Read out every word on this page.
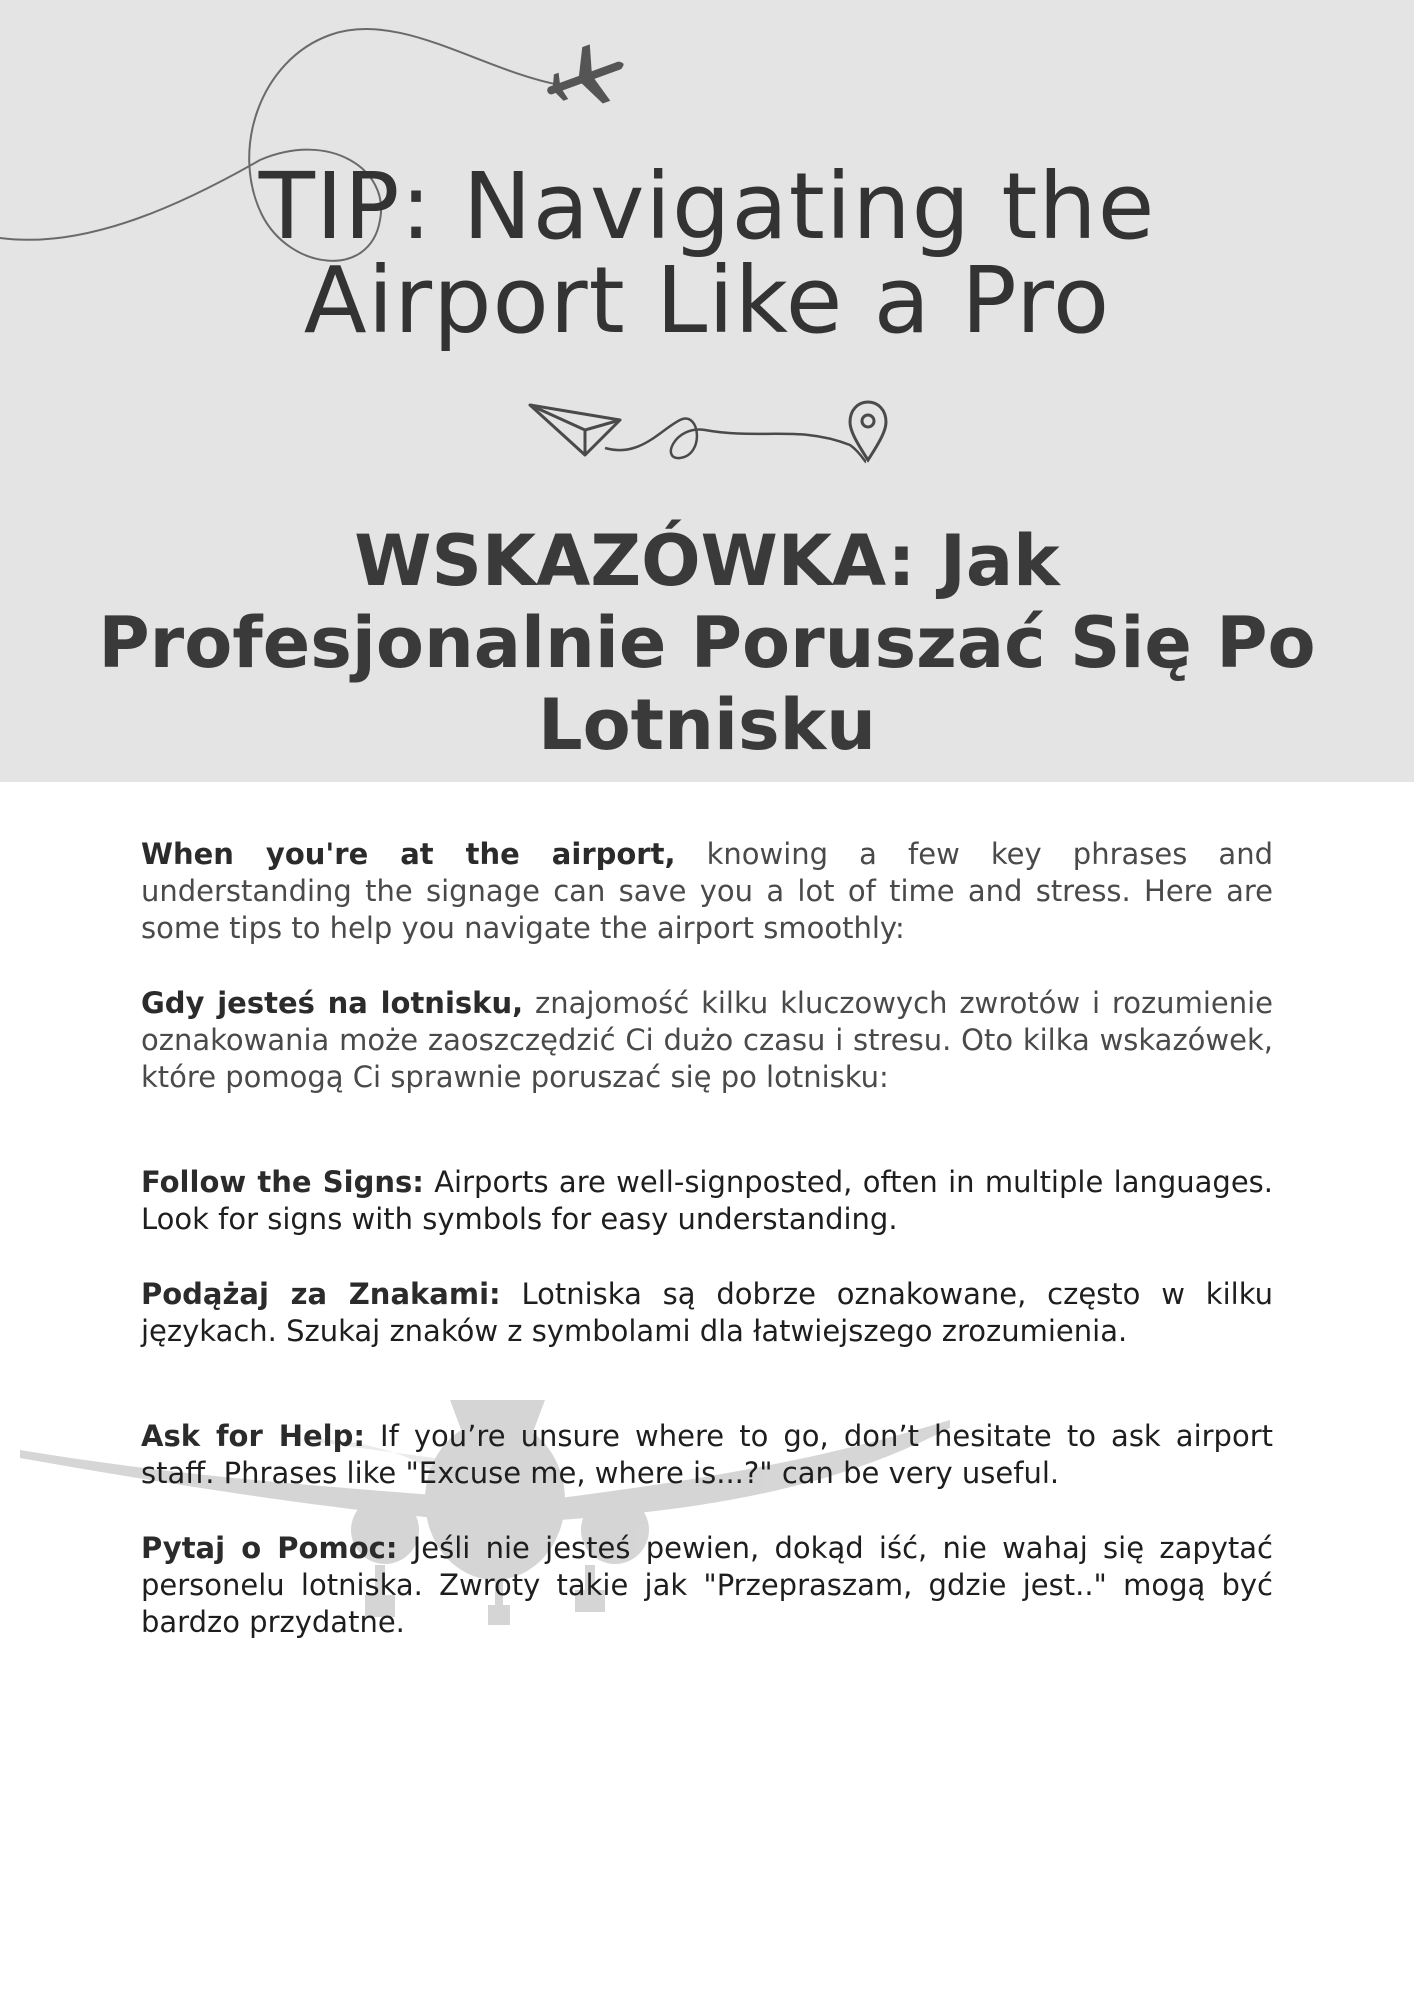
TIP: Navigating the Airport Like a Pro
WSKAZÓWKA: Jak Profesjonalnie Poruszać Się Po Lotnisku

When you're at the airport, knowing a few key phrases and understanding the signage can save you a lot of time and stress. Here are some tips to help you navigate the airport smoothly:

Gdy jesteś na lotnisku, znajomość kilku kluczowych zwrotów i rozumienie oznakowania może zaoszczędzić Ci dużo czasu i stresu. Oto kilka wskazówek, które pomogą Ci sprawnie poruszać się po lotnisku:

Follow the Signs: Airports are well-signposted, often in multiple languages. Look for signs with symbols for easy understanding.

Podążaj za Znakami: Lotniska są dobrze oznakowane, często w kilku językach. Szukaj znaków z symbolami dla łatwiejszego zrozumienia.

Ask for Help: If you’re unsure where to go, don’t hesitate to ask airport staff. Phrases like "Excuse me, where is...?" can be very useful.

Pytaj o Pomoc: Jeśli nie jesteś pewien, dokąd iść, nie wahaj się zapytać personelu lotniska. Zwroty takie jak "Przepraszam, gdzie jest.." mogą być bardzo przydatne.
